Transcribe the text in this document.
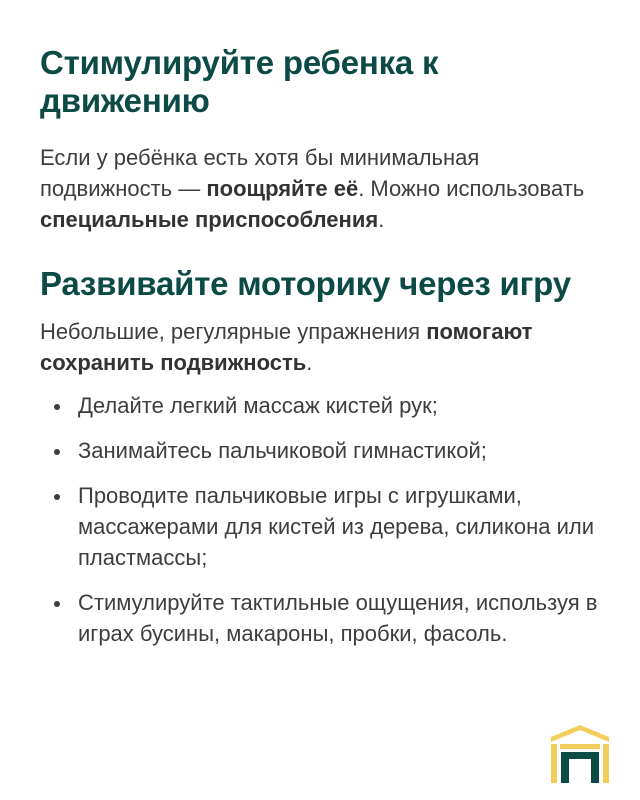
Стимулируйте ребенка к движению

Если у ребёнка есть хотя бы минимальная подвижность — поощряйте её. Можно использовать специальные приспособления.

Развивайте моторику через игру

Небольшие, регулярные упражнения помогают сохранить подвижность.

Делайте легкий массаж кистей рук;
Занимайтесь пальчиковой гимнастикой;
Проводите пальчиковые игры с игрушками, массажерами для кистей из дерева, силикона или пластмассы;
Стимулируйте тактильные ощущения, используя в играх бусины, макароны, пробки, фасоль.
